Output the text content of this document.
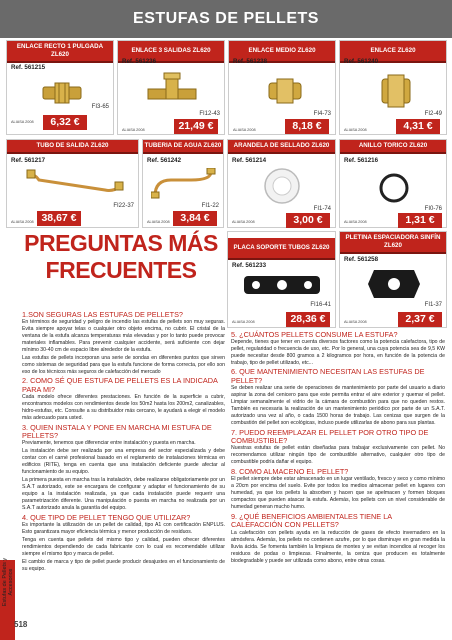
ESTUFAS DE PELLETS
ENLACE RECTO 1 PULGADA
ZL620
Ref. 561215
FI3-65
ALIASA 2008	6,32 €
ENLACE 3 SALIDAS ZL620
Ref. 561236
FI12-43
ALIASA 2008	21,49 €
ENLACE MEDIO ZL620
Ref. 561238
FI4-73
ALIASA 2008	8,18 €
ENLACE ZL620
Ref. 561240
FI2-49
ALIASA 2008	4,31 €
TUBO DE SALIDA ZL620
Ref. 561217
FI22-37
ALIASA 2008 38,67 €
TUBERIA DE AGUA ZL620
Ref. 561242
FI1-22
ALIASA 2008	3,84 €
ARANDELA DE SELLADO ZL620
Ref. 561214
FI1-74
ALIASA 2008	3,00 €
ANILLO TORICO ZL620
Ref. 561216
FI0-76
ALIASA 2008	1,31 €
PLACA SOPORTE TUBOS ZL620
Ref. 561233
FI16-41
ALIASA 2008	28,36 €
PLETINA ESPACIADORA SINFÍN
ZL620
Ref. 561258
FI1-37
ALIASA 2008	2,37 €
PREGUNTAS MÁS FRECUENTES
1.SON SEGURAS LAS ESTUFAS DE PELLETS?
En términos de seguridad y peligro de incendio las estufas de pellets son muy seguras. Evita siempre apoyar telas o cualquier otro objeto encima, no cubrir. El cristal de la ventana de la estufa alcanza temperaturas más elevadas y por lo tanto puede provocar materiales inflamables. Para prevenir cualquier accidente, será suficiente con dejar mínimo 30-40 cm de espacio libre alrededor de la estufa.
Las estufas de pellets incorporan una serie de sondas en diferentes puntos que sirven como sistemas de seguridad para que la estufa funcione de forma correcta, por ello son eso de los técnicos más seguros de calefacción del mercado
2. COMO SÉ QUE ESTUFA DE PELLETS ES LA INDICADA PARA MI?
Cada modelo ofrece diferentes prestaciones. En función de la superficie a cubrir, encontramos modelos con rendimientos desde los 50m2 hasta los 200m2, canalizables, hidro-estufas, etc. Consulte a su distribuidor más cercano, le ayudará a elegir el modelo más adecuado para usted.
3. QUIEN INSTALA Y PONE EN MARCHA MI ESTUFA DE PELLETS?
Previamente, tenemos que diferenciar entre instalación y puesta en marcha.
La instalación debe ser realizada por una empresa del sector especializada y debe contar con el carné profesional basado en el reglamento de instalaciones térmicas en edificios (RITE), tenga en cuenta que una instalación deficiente puede afectar al funcionamiento de su equipo.
La primera puesta en marcha tras la instalación, debe realizarse obligatoriamente por un S.A.T autorizado, este se encargara de configurar y adaptar el funcionamiento de su equipo a la instalación realizada, ya que cada instalación puede requerir una parametrización diferente. Una manipulación o puesta en marcha no realizada por un S.A.T autorizado anula la garantía del equipo.
4. QUE TIPO DE PELLET TENGO QUE UTILIZAR?
Es importante la utilización de un pellet de calidad, tipo A1 con certificación ENPLUS. Esto garantizara mayor eficiencia térmica y menor producción de residuos.
Tenga en cuenta que pellets del mismo tipo y calidad, pueden ofrecer diferentes rendimientos dependiendo de cada fabricante con lo cual es recomendable utilizar siempre el mismo tipo y marca de pellet.
El cambio de marca y tipo de pellet puede producir desajustes en el funcionamiento de su equipo.
5. ¿CUÁNTOS PELLETS CONSUME LA ESTUFA?
Depende, tienes que tener en cuenta diversos factores como la potencia calefactora, tipo de pellet, regularidad o frecuencia de uso, etc. Por lo general, una cuya potencia sea de 9,5 KW puede necesitar desde 800 gramos a 2 kilogramos por hora, en función de la potencia de trabajo, tipo de pellet utilizado, etc...
6. QUE MANTENIMIENTO NECESITAN LAS ESTUFAS DE PELLET?
Se deben realizar una serie de operaciones de mantenimiento por parte del usuario a diario aspirar la zona del cenicero para que este permita entrar el aire exterior y quemar el pellet. Limpiar semanalmente el vidrio de la cámara de combustión para que no queden restos. También es necesaria la realización de un mantenimiento periódico por parte de un S.A.T. autorizado una vez al año, o cada 1500 horas de trabajo. Las cenizas que surgen de la combustión del pellet son ecológicas, incluso puede utilizarlas de abono para sus plantas.
7. PUEDO REEMPLAZAR EL PELLET POR OTRO TIPO DE COMBUSTIBLE?
Nuestras estufas de pellet están diseñadas para trabajar exclusivamente con pellet. No recomendamos utilizar ningún tipo de combustible alternativo, cualquier otro tipo de combustible podría dañar el equipo.
8. COMO ALMACENO EL PELLET?
El pellet siempre debe estar almacenado en un lugar ventilado, fresco y seco y como mínimo a 20cm por encima del suelo. Evite por todos los medios almacenar pellet en lugares con humedad, ya que los pellets la absorben y hacen que se apelmacen y formen bloques compactos que pueden atascar la estufa. Además, los pellets con un nivel considerable de humedad generan mucho humo.
9. ¿QUÉ BENEFICIOS AMBIENTALES TIENE LA CALEFACCIÓN CON PELLETS?
La calefacción con pellets ayuda en la reducción de gases de efecto invernadero en la atmósfera. Además, los pellets no contienen azufre, por lo que disminuye en gran medida la lluvia ácida. Se fomenta también la limpieza de montes y se evitan incendios al recoger los residuos de podas o limpiezas. Finalmente, la ceniza que producen es totalmente biodegradable y puede ser utilizada como abono, entre otras cosas.
Estufas de Pellets y Accesorios
518
